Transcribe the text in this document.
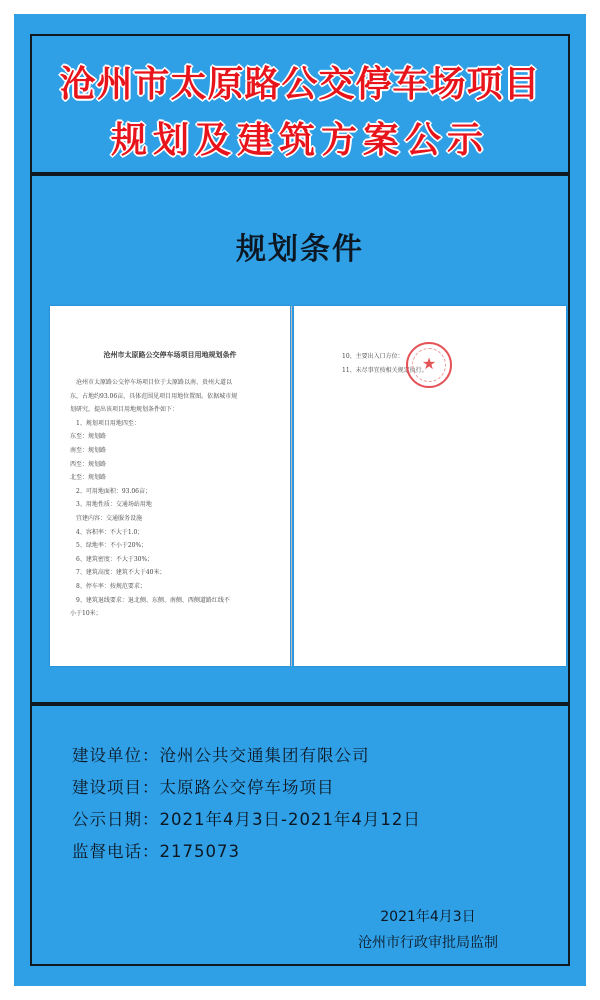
沧州市太原路公交停车场项目
规划及建筑方案公示
规划条件
沧州市太原路公交停车场项目用地规划条件
沧州市太原路公交停车场项目位于太原路以南、贵州大道以
东，占地约93.06亩，具体范围见项目用地位置图。依据城市规
划研究，提出该项目用地规划条件如下：
1、规划项目用地四至：
东至：规划路
南至：规划路
西至：规划路
北至：规划路
2、可用地面积：93.06亩；
3、用地性质：交通场站用地
宜建内容：交通服务设施
4、容积率：不大于1.0；
5、绿地率：不小于20%；
6、建筑密度：不大于30%；
7、建筑高度：建筑不大于40米；
8、停车率：按规范要求；
9、建筑退线要求：退北侧、东侧、南侧、西侧道路红线不
小于10米；
10、主要出入口方位：
11、未尽事宜按相关规定执行。
★
建设单位：沧州公共交通集团有限公司
建设项目：太原路公交停车场项目
公示日期：2021年4月3日-2021年4月12日
监督电话：2175073
2021年4月3日
沧州市行政审批局监制
